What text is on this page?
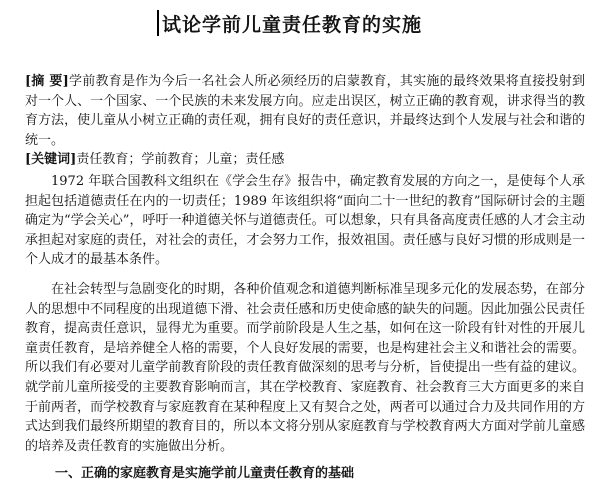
试论学前儿童责任教育的实施
[摘 要]学前教育是作为今后一名社会人所必须经历的启蒙教育，其实施的最终效果将直接投射到对一个人、一个国家、一个民族的未来发展方向。应走出误区，树立正确的教育观，讲求得当的教育方法，使儿童从小树立正确的责任观，拥有良好的责任意识，并最终达到个人发展与社会和谐的统一。
[关键词]责任教育；学前教育；儿童；责任感
1972 年联合国教科文组织在《学会生存》报告中，确定教育发展的方向之一，是使每个人承担起包括道德责任在内的一切责任；1989 年该组织将“面向二十一世纪的教育”国际研讨会的主题确定为“学会关心”，呼吁一种道德关怀与道德责任。可以想象，只有具备高度责任感的人才会主动承担起对家庭的责任，对社会的责任，才会努力工作，报效祖国。责任感与良好习惯的形成则是一个人成才的最基本条件。
在社会转型与急剧变化的时期，各种价值观念和道德判断标准呈现多元化的发展态势，在部分人的思想中不同程度的出现道德下滑、社会责任感和历史使命感的缺失的问题。因此加强公民责任教育，提高责任意识，显得尤为重要。而学前阶段是人生之基，如何在这一阶段有针对性的开展儿童责任教育，是培养健全人格的需要，个人良好发展的需要，也是构建社会主义和谐社会的需要。所以我们有必要对儿童学前教育阶段的责任教育做深刻的思考与分析，旨使提出一些有益的建议。就学前儿童所接受的主要教育影响而言，其在学校教育、家庭教育、社会教育三大方面更多的来自于前两者，而学校教育与家庭教育在某种程度上又有契合之处，两者可以通过合力及共同作用的方式达到我们最终所期望的教育目的，所以本文将分别从家庭教育与学校教育两大方面对学前儿童感的培养及责任教育的实施做出分析。
一、正确的家庭教育是实施学前儿童责任教育的基础
